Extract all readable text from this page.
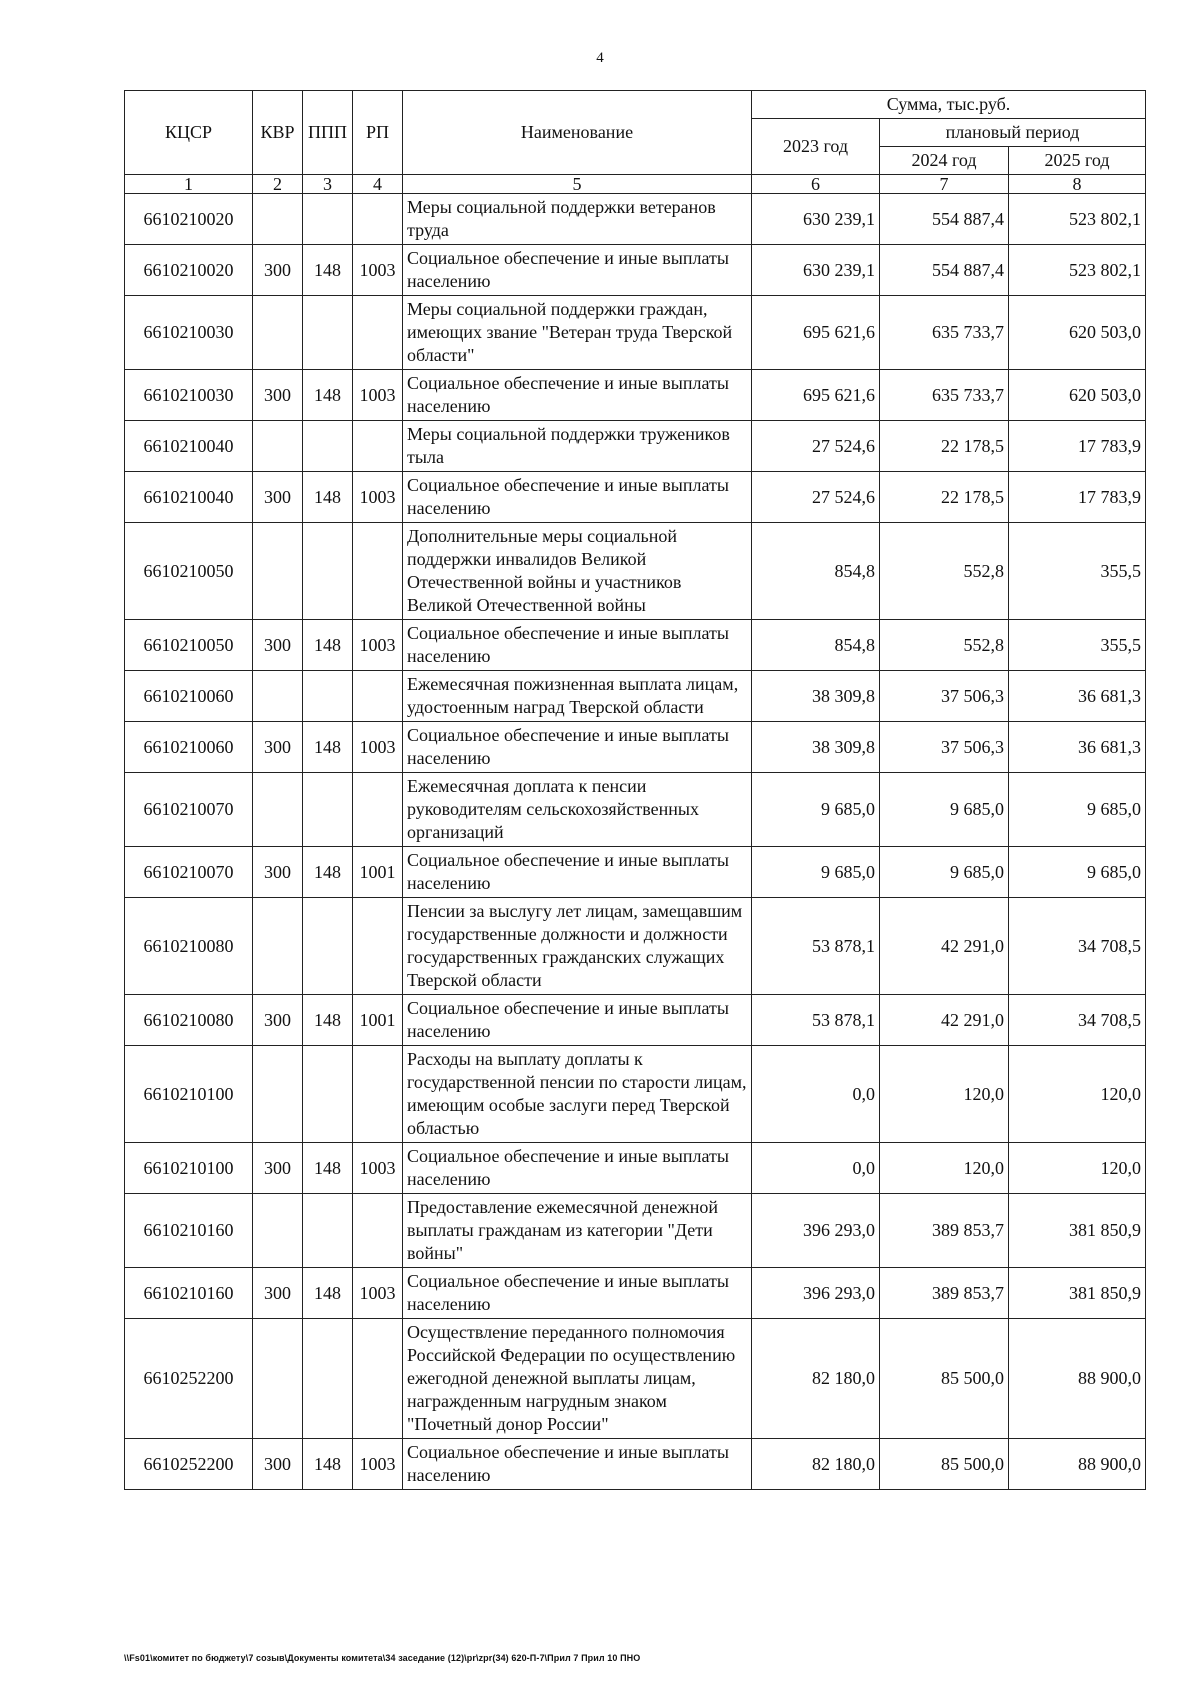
4
КЦСР	КВР	ППП	РП	Наименование	Сумма, тыс.руб.		
					2023 год	плановый период	
						2024 год	2025 год
1	2	3	4	5	6	7	8
6610210020				Меры социальной поддержки ветеранов труда	630 239,1	554 887,4	523 802,1
6610210020	300	148	1003	Социальное обеспечение и иные выплаты населению	630 239,1	554 887,4	523 802,1
6610210030				Меры социальной поддержки граждан, имеющих звание "Ветеран труда Тверской области"	695 621,6	635 733,7	620 503,0
6610210030	300	148	1003	Социальное обеспечение и иные выплаты населению	695 621,6	635 733,7	620 503,0
6610210040				Меры социальной поддержки тружеников тыла	27 524,6	22 178,5	17 783,9
6610210040	300	148	1003	Социальное обеспечение и иные выплаты населению	27 524,6	22 178,5	17 783,9
6610210050				Дополнительные меры социальной поддержки инвалидов Великой Отечественной войны и участников Великой Отечественной войны	854,8	552,8	355,5
6610210050	300	148	1003	Социальное обеспечение и иные выплаты населению	854,8	552,8	355,5
6610210060				Ежемесячная пожизненная выплата лицам, удостоенным наград Тверской области	38 309,8	37 506,3	36 681,3
6610210060	300	148	1003	Социальное обеспечение и иные выплаты населению	38 309,8	37 506,3	36 681,3
6610210070				Ежемесячная доплата к пенсии руководителям сельскохозяйственных организаций	9 685,0	9 685,0	9 685,0
6610210070	300	148	1001	Социальное обеспечение и иные выплаты населению	9 685,0	9 685,0	9 685,0
6610210080				Пенсии за выслугу лет лицам, замещавшим государственные должности и должности государственных гражданских служащих Тверской области	53 878,1	42 291,0	34 708,5
6610210080	300	148	1001	Социальное обеспечение и иные выплаты населению	53 878,1	42 291,0	34 708,5
6610210100				Расходы на выплату доплаты к государственной пенсии по старости лицам, имеющим особые заслуги перед Тверской областью	0,0	120,0	120,0
6610210100	300	148	1003	Социальное обеспечение и иные выплаты населению	0,0	120,0	120,0
6610210160				Предоставление ежемесячной денежной выплаты гражданам из категории "Дети войны"	396 293,0	389 853,7	381 850,9
6610210160	300	148	1003	Социальное обеспечение и иные выплаты населению	396 293,0	389 853,7	381 850,9
6610252200				Осуществление переданного полномочия Российской Федерации по осуществлению ежегодной денежной выплаты лицам, награжденным нагрудным знаком "Почетный донор России"	82 180,0	85 500,0	88 900,0
6610252200	300	148	1003	Социальное обеспечение и иные выплаты населению	82 180,0	85 500,0	88 900,0
\\Fs01\комитет по бюджету\7 созыв\Документы комитета\34 заседание (12)\pr\zpr(34) 620-П-7\Прил 7 Прил 10 ПНО
